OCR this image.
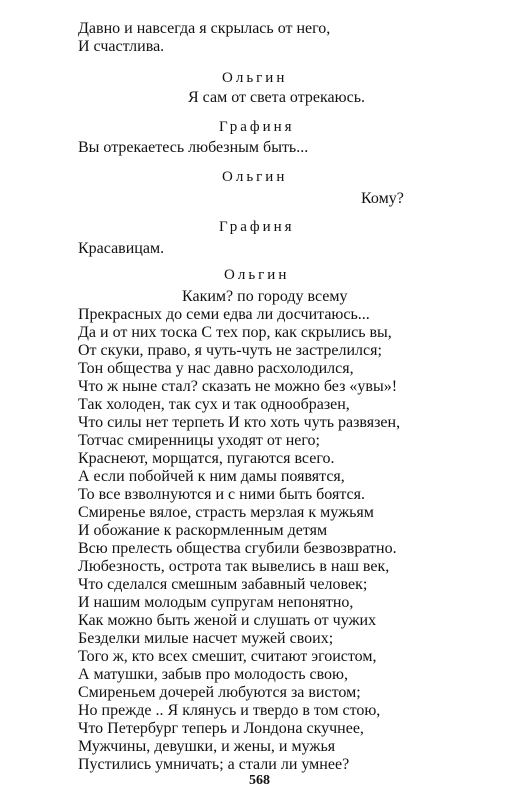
Давно и навсегда я скрылась от него,
И счастлива.
Ольгин
Я сам от света отрекаюсь.
Графиня
Вы отрекаетесь любезным быть...
Ольгин
Кому?
Графиня
Красавицам.
Ольгин
Каким? по городу всему
Прекрасных до семи едва ли досчитаюсь...
Да и от них тоска С тех пор, как скрылись вы,
От скуки, право, я чуть-чуть не застрелился;
Тон общества у нас давно расхолодился,
Что ж ныне стал? сказать не можно без «увы»!
Так холоден, так сух и так однообразен,
Что силы нет терпеть И кто хоть чуть развязен,
Тотчас смиренницы уходят от него;
Краснеют, морщатся, пугаются всего.
А если побойчей к ним дамы появятся,
То все взволнуются и с ними быть боятся.
Смиренье вялое, страсть мерзлая к мужьям
И обожание к раскормленным детям
Всю прелесть общества сгубили безвозвратно.
Любезность, острота так вывелись в наш век,
Что сделался смешным забавный человек;
И нашим молодым супругам непонятно,
Как можно быть женой и слушать от чужих
Безделки милые насчет мужей своих;
Того ж, кто всех смешит, считают эгоистом,
А матушки, забыв про молодость свою,
Смиреньем дочерей любуются за вистом;
Но прежде .. Я клянусь и твердо в том стою,
Что Петербург теперь и Лондона скучнее,
Мужчины, девушки, и жены, и мужья
Пустились умничать; а стали ли умнее?
568
